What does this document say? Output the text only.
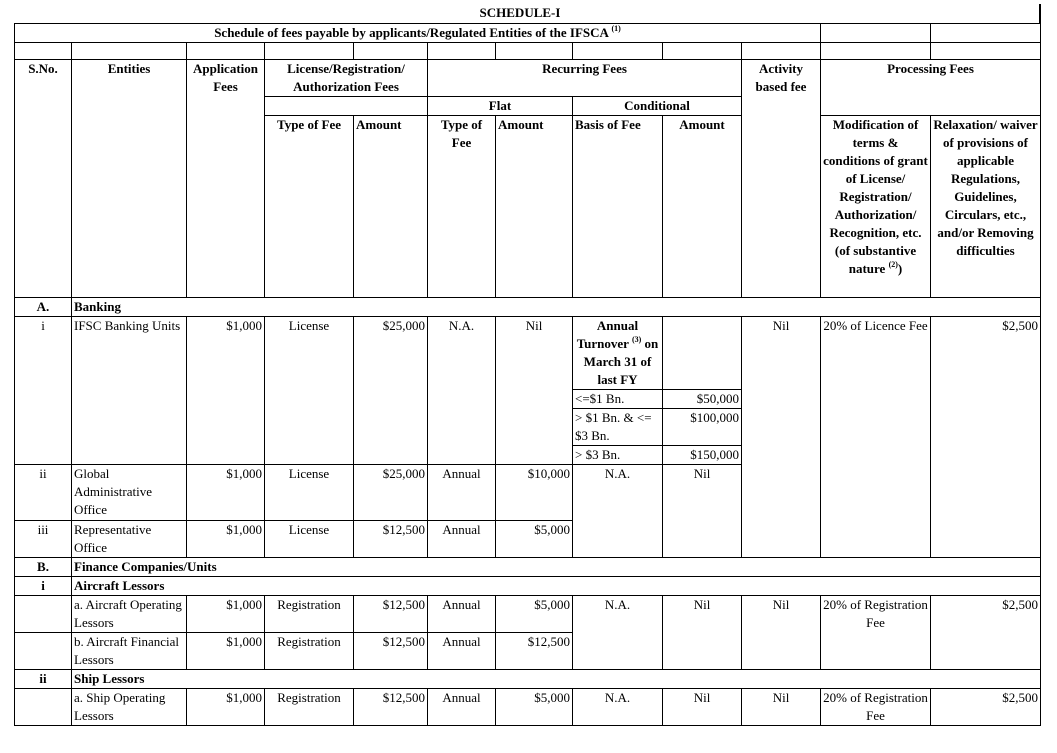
SCHEDULE-I
Schedule of fees payable by applicants/Regulated Entities of the IFSCA $^{(1)}$		

S.No.	Entities	Application Fees	License/Registration/ Authorization Fees		Recurring Fees				Activity based fee	Processing Fees	
					Flat		Conditional				
			Type of Fee	Amount	Type of Fee	Amount	Basis of Fee	Amount		Modification of terms & conditions of grant of License/ Registration/ Authorization/ Recognition, etc. (of substantive nature $^{(2)}$)	Relaxation/ waiver of provisions of applicable Regulations, Guidelines, Circulars, etc., and/or Removing difficulties
A.	Banking										
i	IFSC Banking Units	$1,000	License	$25,000	N.A.	Nil	Annual Turnover $^{(3)}$ on March 31 of last FY		Nil	20% of Licence Fee	$2,500
							<=$1 Bn.	$50,000			
							> $1 Bn. & <= $3 Bn.	$100,000			
							> $3 Bn.	$150,000			
ii	Global Administrative Office	$1,000	License	$25,000	Annual	$10,000	N.A.	Nil			
iii	Representative Office	$1,000	License	$12,500	Annual	$5,000					
B.	Finance Companies/Units										
i	Aircraft Lessors										
	a. Aircraft Operating Lessors	$1,000	Registration	$12,500	Annual	$5,000	N.A.	Nil	Nil	20% of Registration Fee	$2,500
	b. Aircraft Financial Lessors	$1,000	Registration	$12,500	Annual	$12,500					
ii	Ship Lessors										
	a. Ship Operating Lessors	$1,000	Registration	$12,500	Annual	$5,000	N.A.	Nil	Nil	20% of Registration Fee	$2,500
